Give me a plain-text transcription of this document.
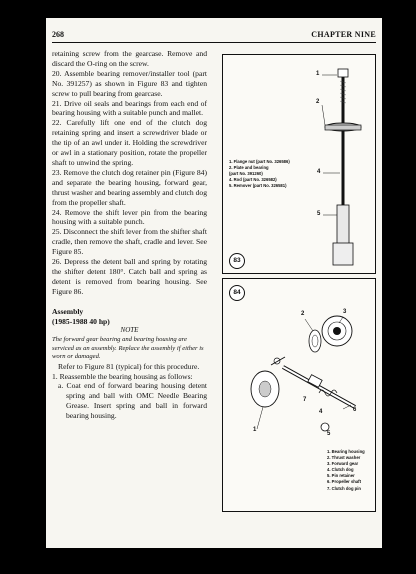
268	CHAPTER NINE

retaining screw from the gearcase. Remove and discard the O-ring on the screw.

20. Assemble bearing remover/installer tool (part No. 391257) as shown in Figure 83 and tighten screw to pull bearing from gearcase.

21. Drive oil seals and bearings from each end of bearing housing with a suitable punch and mallet.

22. Carefully lift one end of the clutch dog retaining spring and insert a screwdriver blade or the tip of an awl under it. Holding the screwdriver or awl in a stationary position, rotate the propeller shaft to unwind the spring.

23. Remove the clutch dog retainer pin (Figure 84) and separate the bearing housing, forward gear, thrust washer and bearing assembly and clutch dog from the propeller shaft.

24. Remove the shift lever pin from the bearing housing with a suitable punch.

25. Disconnect the shift lever from the shifter shaft cradle, then remove the shaft, cradle and lever. See Figure 85.

26. Depress the detent ball and spring by rotating the shifter detent 180°. Catch ball and spring as detent is removed from bearing housing. See Figure 86.

Assembly

(1985-1988 40 hp)

NOTE

The forward gear bearing and bearing housing are serviced as an assembly. Replace the assembly if either is worn or damaged.

Refer to Figure 81 (typical) for this procedure.

1. Reassemble the bearing housing as follows:

a. Coat end of forward bearing housing detent spring and ball with OMC Needle Bearing Grease. Insert spring and ball in forward bearing housing.

1
2
4
5
1. Flange nut (part No. 326586)
2. Plate and bearing
(part No. 391260)
4. Rod (part No. 326582)
5. Remover (part No. 326581)
83
84
1
2	3
4
5
6
7
1. Bearing housing
2. Thrust washer
3. Forward gear
4. Clutch dog
5. Pin retainer
6. Propeller shaft
7. Clutch dog pin
